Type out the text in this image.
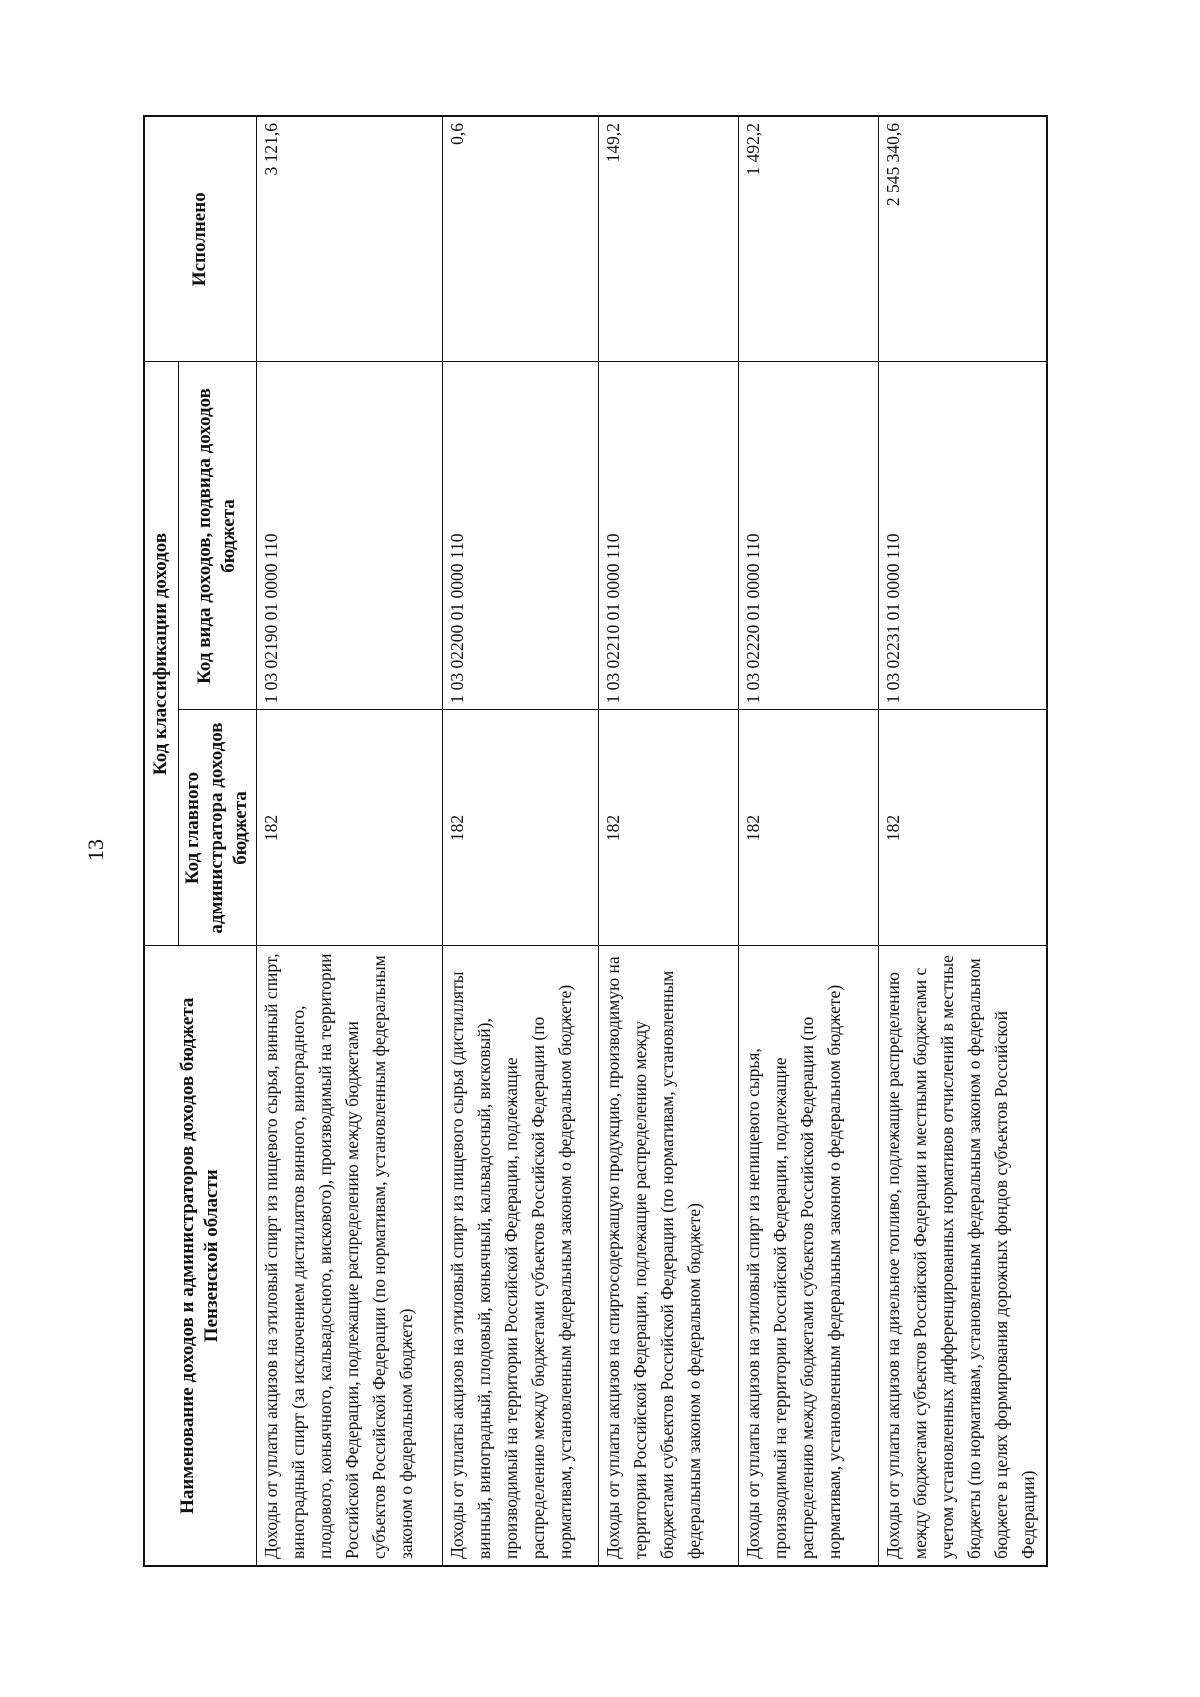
13
Наименование доходов и администраторов доходов бюджета Пензенской области	Код классификации доходов		Исполнено
	Код главного администратора доходов бюджета	Код вида доходов, подвида доходов бюджета	
Доходы от уплаты акцизов на этиловый спирт из пищевого сырья, винный спирт, виноградный спирт (за исключением дистиллятов винного, виноградного, плодового, коньячного, кальвадосного, вискового), производимый на территории Российской Федерации, подлежащие распределению между бюджетами субъектов Российской Федерации (по нормативам, установленным федеральным законом о федеральном бюджете)	182	1 03 02190 01 0000 110	3 121,6
Доходы от уплаты акцизов на этиловый спирт из пищевого сырья (дистилляты винный, виноградный, плодовый, коньячный, кальвадосный, висковый), производимый на территории Российской Федерации, подлежащие распределению между бюджетами субъектов Российской Федерации (по нормативам, установленным федеральным законом о федеральном бюджете)	182	1 03 02200 01 0000 110	0,6
Доходы от уплаты акцизов на спиртосодержащую продукцию, производимую на территории Российской Федерации, подлежащие распределению между бюджетами субъектов Российской Федерации (по нормативам, установленным федеральным законом о федеральном бюджете)	182	1 03 02210 01 0000 110	149,2
Доходы от уплаты акцизов на этиловый спирт из непищевого сырья, производимый на территории Российской Федерации, подлежащие распределению между бюджетами субъектов Российской Федерации (по нормативам, установленным федеральным законом о федеральном бюджете)	182	1 03 02220 01 0000 110	1 492,2
Доходы от уплаты акцизов на дизельное топливо, подлежащие распределению между бюджетами субъектов Российской Федерации и местными бюджетами с учетом установленных дифференцированных нормативов отчислений в местные бюджеты (по нормативам, установленным федеральным законом о федеральном бюджете в целях формирования дорожных фондов субъектов Российской Федерации)	182	1 03 02231 01 0000 110	2 545 340,6
